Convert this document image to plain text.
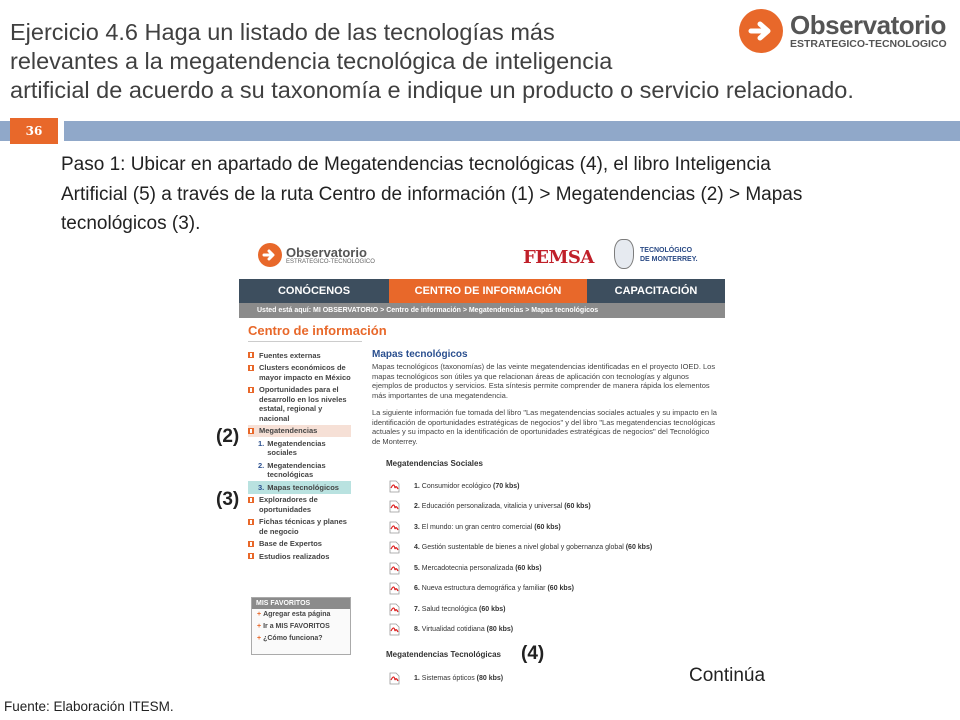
Ejercicio 4.6 Haga un listado de las tecnologías más
relevantes a la megatendencia tecnológica de inteligencia
artificial de acuerdo a su taxonomía e indique un producto o servicio relacionado.
Observatorio
ESTRATEGICO-TECNOLOGICO
36
Paso 1: Ubicar en apartado de Megatendencias tecnológicas (4), el libro Inteligencia Artificial (5) a través de la ruta Centro de información (1) > Megatendencias (2) > Mapas tecnológicos (3).
Observatorio
ESTRATEGICO-TECNOLOGICO	FEMSA	TECNOLÓGICO
DE MONTERREY.
CONÓCENOS	CENTRO DE INFORMACIÓN	CAPACITACIÓN
Usted está aquí: MI OBSERVATORIO > Centro de información > Megatendencias > Mapas tecnológicos
Centro de información
Fuentes externas
Clusters económicos de mayor impacto en México
Oportunidades para el desarrollo en los niveles estatal, regional y nacional
Megatendencias
1. Megatendencias sociales
2. Megatendencias tecnológicas
3. Mapas tecnológicos
Exploradores de oportunidades
Fichas técnicas y planes de negocio
Base de Expertos
Estudios realizados
MIS FAVORITOS
+ Agregar esta página
+ Ir a MIS FAVORITOS
+ ¿Cómo funciona?
Mapas tecnológicos
Mapas tecnológicos (taxonomías) de las veinte megatendencias identificadas en el proyecto IOED. Los mapas tecnológicos son útiles ya que relacionan áreas de aplicación con tecnologías y algunos ejemplos de productos y servicios. Esta síntesis permite comprender de manera rápida los elementos más importantes de una megatendencia.
La siguiente información fue tomada del libro "Las megatendencias sociales actuales y su impacto en la identificación de oportunidades estratégicas de negocios" y del libro "Las megatendencias tecnológicas actuales y su impacto en la identificación de oportunidades estratégicas de negocios" del Tecnológico de Monterrey.
Megatendencias Sociales
1. Consumidor ecológico (70 kbs)
2. Educación personalizada, vitalicia y universal (60 kbs)
3. El mundo: un gran centro comercial (60 kbs)
4. Gestión sustentable de bienes a nivel global y gobernanza global (60 kbs)
5. Mercadotecnia personalizada (60 kbs)
6. Nueva estructura demográfica y familiar (60 kbs)
7. Salud tecnológica (60 kbs)
8. Virtualidad cotidiana (80 kbs)
Megatendencias Tecnológicas
1. Sistemas ópticos (80 kbs)
(2)
(3)
(4)
Continúa
Fuente: Elaboración ITESM.
